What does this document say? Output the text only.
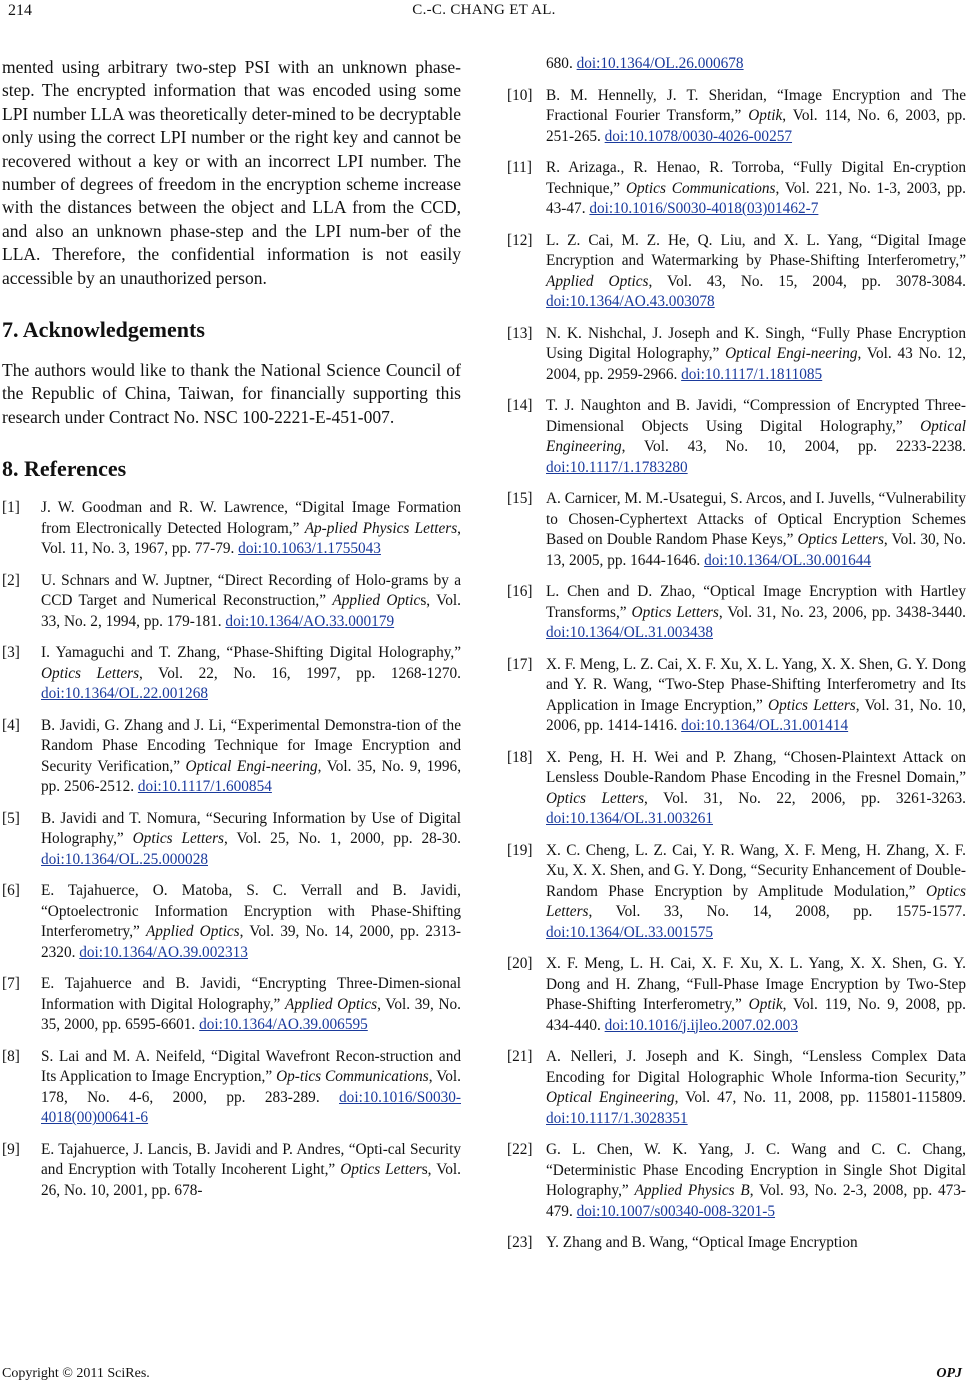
214	C.-C. CHANG ET AL.

mented using arbitrary two-step PSI with an unknown phase-step. The encrypted information that was encoded using some LPI number LLA was theoretically deter-mined to be decryptable only using the correct LPI number or the right key and cannot be recovered without a key or with an incorrect LPI number. The number of degrees of freedom in the encryption scheme increase with the distances between the object and LLA from the CCD, and also an unknown phase-step and the LPI num-ber of the LLA. Therefore, the confidential information is not easily accessible by an unauthorized person.

7. Acknowledgements

The authors would like to thank the National Science Council of the Republic of China, Taiwan, for financially supporting this research under Contract No. NSC 100-2221-E-451-007.

8. References
[1] J. W. Goodman and R. W. Lawrence, “Digital Image Formation from Electronically Detected Hologram,” Ap-plied Physics Letters, Vol. 11, No. 3, 1967, pp. 77-79. doi:10.1063/1.1755043
[2] U. Schnars and W. Juptner, “Direct Recording of Holo-grams by a CCD Target and Numerical Reconstruction,” Applied Optics, Vol. 33, No. 2, 1994, pp. 179-181. doi:10.1364/AO.33.000179
[3] I. Yamaguchi and T. Zhang, “Phase-Shifting Digital Holography,” Optics Letters, Vol. 22, No. 16, 1997, pp. 1268-1270. doi:10.1364/OL.22.001268
[4] B. Javidi, G. Zhang and J. Li, “Experimental Demonstra-tion of the Random Phase Encoding Technique for Image Encryption and Security Verification,” Optical Engi-neering, Vol. 35, No. 9, 1996, pp. 2506-2512. doi:10.1117/1.600854
[5] B. Javidi and T. Nomura, “Securing Information by Use of Digital Holography,” Optics Letters, Vol. 25, No. 1, 2000, pp. 28-30. doi:10.1364/OL.25.000028
[6] E. Tajahuerce, O. Matoba, S. C. Verrall and B. Javidi, “Optoelectronic Information Encryption with Phase-Shifting Interferometry,” Applied Optics, Vol. 39, No. 14, 2000, pp. 2313-2320. doi:10.1364/AO.39.002313
[7] E. Tajahuerce and B. Javidi, “Encrypting Three-Dimen-sional Information with Digital Holography,” Applied Optics, Vol. 39, No. 35, 2000, pp. 6595-6601. doi:10.1364/AO.39.006595
[8] S. Lai and M. A. Neifeld, “Digital Wavefront Recon-struction and Its Application to Image Encryption,” Op-tics Communications, Vol. 178, No. 4-6, 2000, pp. 283-289. doi:10.1016/S0030-4018(00)00641-6
[9] E. Tajahuerce, J. Lancis, B. Javidi and P. Andres, “Opti-cal Security and Encryption with Totally Incoherent Light,” Optics Letters, Vol. 26, No. 10, 2001, pp. 678-
680. doi:10.1364/OL.26.000678
[10] B. M. Hennelly, J. T. Sheridan, “Image Encryption and The Fractional Fourier Transform,” Optik, Vol. 114, No. 6, 2003, pp. 251-265. doi:10.1078/0030-4026-00257
[11] R. Arizaga., R. Henao, R. Torroba, “Fully Digital En-cryption Technique,” Optics Communications, Vol. 221, No. 1-3, 2003, pp. 43-47. doi:10.1016/S0030-4018(03)01462-7
[12] L. Z. Cai, M. Z. He, Q. Liu, and X. L. Yang, “Digital Image Encryption and Watermarking by Phase-Shifting Interferometry,” Applied Optics, Vol. 43, No. 15, 2004, pp. 3078-3084. doi:10.1364/AO.43.003078
[13] N. K. Nishchal, J. Joseph and K. Singh, “Fully Phase Encryption Using Digital Holography,” Optical Engi-neering, Vol. 43 No. 12, 2004, pp. 2959-2966. doi:10.1117/1.1811085
[14] T. J. Naughton and B. Javidi, “Compression of Encrypted Three-Dimensional Objects Using Digital Holography,” Optical Engineering, Vol. 43, No. 10, 2004, pp. 2233-2238. doi:10.1117/1.1783280
[15] A. Carnicer, M. M.-Usategui, S. Arcos, and I. Juvells, “Vulnerability to Chosen-Cyphertext Attacks of Optical Encryption Schemes Based on Double Random Phase Keys,” Optics Letters, Vol. 30, No. 13, 2005, pp. 1644-1646. doi:10.1364/OL.30.001644
[16] L. Chen and D. Zhao, “Optical Image Encryption with Hartley Transforms,” Optics Letters, Vol. 31, No. 23, 2006, pp. 3438-3440. doi:10.1364/OL.31.003438
[17] X. F. Meng, L. Z. Cai, X. F. Xu, X. L. Yang, X. X. Shen, G. Y. Dong and Y. R. Wang, “Two-Step Phase-Shifting Interferometry and Its Application in Image Encryption,” Optics Letters, Vol. 31, No. 10, 2006, pp. 1414-1416. doi:10.1364/OL.31.001414
[18] X. Peng, H. H. Wei and P. Zhang, “Chosen-Plaintext Attack on Lensless Double-Random Phase Encoding in the Fresnel Domain,” Optics Letters, Vol. 31, No. 22, 2006, pp. 3261-3263. doi:10.1364/OL.31.003261
[19] X. C. Cheng, L. Z. Cai, Y. R. Wang, X. F. Meng, H. Zhang, X. F. Xu, X. X. Shen, and G. Y. Dong, “Security Enhancement of Double-Random Phase Encryption by Amplitude Modulation,” Optics Letters, Vol. 33, No. 14, 2008, pp. 1575-1577. doi:10.1364/OL.33.001575
[20] X. F. Meng, L. H. Cai, X. F. Xu, X. L. Yang, X. X. Shen, G. Y. Dong and H. Zhang, “Full-Phase Image Encryption by Two-Step Phase-Shifting Interferometry,” Optik, Vol. 119, No. 9, 2008, pp. 434-440. doi:10.1016/j.ijleo.2007.02.003
[21] A. Nelleri, J. Joseph and K. Singh, “Lensless Complex Data Encoding for Digital Holographic Whole Informa-tion Security,” Optical Engineering, Vol. 47, No. 11, 2008, pp. 115801-115809. doi:10.1117/1.3028351
[22] G. L. Chen, W. K. Yang, J. C. Wang and C. C. Chang, “Deterministic Phase Encoding Encryption in Single Shot Digital Holography,” Applied Physics B, Vol. 93, No. 2-3, 2008, pp. 473-479. doi:10.1007/s00340-008-3201-5
[23] Y. Zhang and B. Wang, “Optical Image Encryption
Copyright © 2011 SciRes.	OPJ
